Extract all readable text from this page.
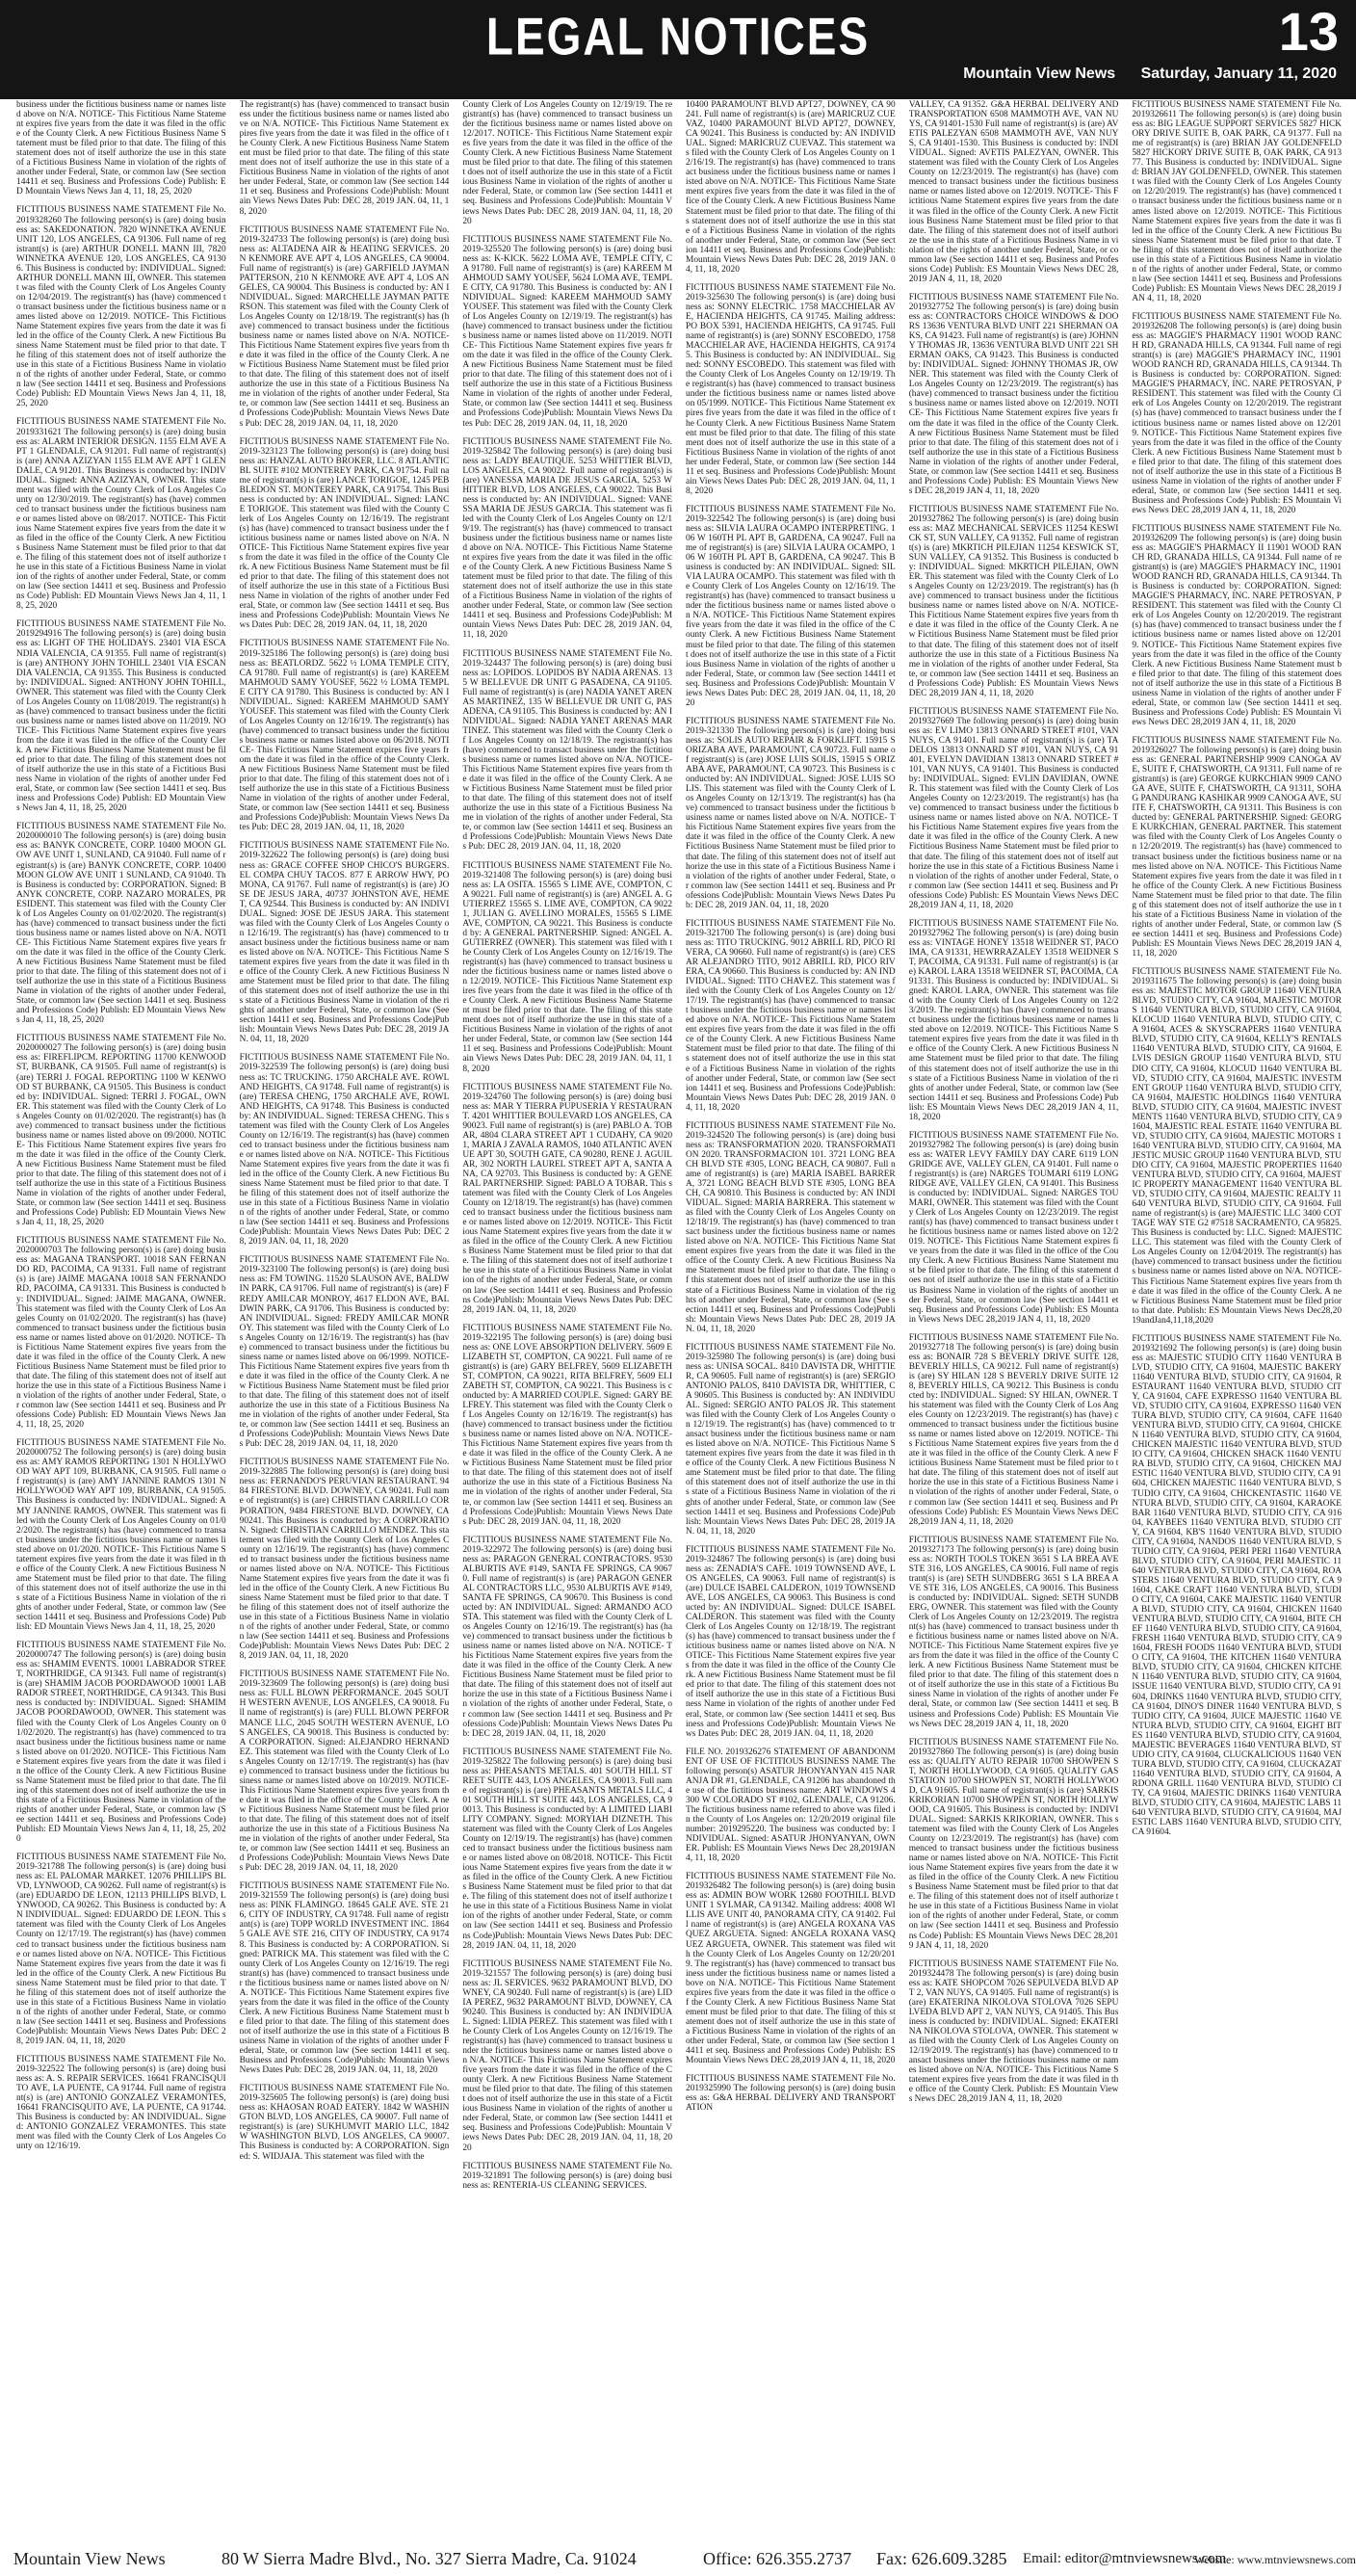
LEGAL NOTICES	13
Mountain View News Saturday, January 11, 2020

business under the fictitious business name or names listed above on N/A. NOTICE- This Fictitious Name Statement expires five years from the date it was filed in the office of the County Clerk. A new Fictitious Business Name Statement must be filed prior to that date. The filing of this statement does not of itself authorize the use in this state of a Fictitious Business Name in violation of the rights of another under Federal, State, or common law (See section 14411 et seq. Business and Professions Code) Publish: ED Mountain Views News Jan 4, 11, 18, 25, 2020

FICTITIOUS BUSINESS NAME STATEMENT File No. 2019328260 The following person(s) is (are) doing business as: SAKEDONATION. 7820 WINNETKA AVENUE UNIT 120, LOS ANGELES, CA 91306. Full name of registrant(s) is (are) ARTHUR DONELL MANN III, 7820 WINNETKA AVENUE 120, LOS ANGELES, CA 91306. This Business is conducted by: INDIVIDUAL. Signed: ARTHUR DONELL MANN III, OWNER. This statement was filed with the County Clerk of Los Angeles County on 12/04/2019. The registrant(s) has (have) commenced to transact business under the fictitious business name or names listed above on 12/2019. NOTICE- This Fictitious Name Statement expires five years from the date it was filed in the office of the County Clerk. A new Fictitious Business Name Statement must be filed prior to that date. The filing of this statement does not of itself authorize the use in this state of a Fictitious Business Name in violation of the rights of another under Federal, State, or common law (See section 14411 et seq. Business and Professions Code) Publish: ED Mountain Views News Jan 4, 11, 18, 25, 2020

FICTITIOUS BUSINESS NAME STATEMENT File No. 2019331621 The following person(s) is (are) doing business as: ALARM INTERIOR DESIGN. 1155 ELM AVE APT 1 GLENDALE, CA 91201. Full name of registrant(s) is (are) ANNA AZIZYAN 1155 ELM AVE APT 1 GLENDALE, CA 91201. This Business is conducted by: INDIVIDUAL. Signed: ANNA AZIZYAN, OWNER. This statement was filed with the County Clerk of Los Angeles County on 12/30/2019. The registrant(s) has (have) commenced to transact business under the fictitious business name or names listed above on 08/2017. NOTICE- This Fictitious Name Statement expires five years from the date it was filed in the office of the County Clerk. A new Fictitious Business Name Statement must be filed prior to that date. The filing of this statement does not of itself authorize the use in this state of a Fictitious Business Name in violation of the rights of another under Federal, State, or common law (See section 14411 et seq. Business and Professions Code) Publish: ED Mountain Views News Jan 4, 11, 18, 25, 2020

FICTITIOUS BUSINESS NAME STATEMENT File No. 2019294916 The following person(s) is (are) doing business as: LIGHT OF THE HOLIDAYS. 23401 VIA ESCANDIA VALENCIA, CA 91355. Full name of registrant(s) is (are) ANTHONY JOHN TOHILL 23401 VIA ESCANDIA VALENCIA, CA 91355. This Business is conducted by: INDIVIDUAL. Signed: ANTHONY JOHN TOHILL, OWNER. This statement was filed with the County Clerk of Los Angeles County on 11/08/2019. The registrant(s) has (have) commenced to transact business under the fictitious business name or names listed above on 11/2019. NOTICE- This Fictitious Name Statement expires five years from the date it was filed in the office of the County Clerk. A new Fictitious Business Name Statement must be filed prior to that date. The filing of this statement does not of itself authorize the use in this state of a Fictitious Business Name in violation of the rights of another under Federal, State, or common law (See section 14411 et seq. Business and Professions Code) Publish: ED Mountain Views News Jan 4, 11, 18, 25, 2020

FICTITIOUS BUSINESS NAME STATEMENT File No. 2020000010 The following person(s) is (are) doing business as: BANYK CONCRETE, CORP. 10400 MOON GLOW AVE UNIT 1, SUNLAND, CA 91040. Full name of registrant(s) is (are) BANYK CONCRETE, CORP. 10400 MOON GLOW AVE UNIT 1 SUNLAND, CA 91040. This Business is conducted by: CORPORATION. Signed: BANYK CONCRETE, CORP. NAZARO MORALES, PRESIDENT. This statement was filed with the County Clerk of Los Angeles County on 01/02/2020. The registrant(s) has (have) commenced to transact business under the fictitious business name or names listed above on N/A. NOTICE- This Fictitious Name Statement expires five years from the date it was filed in the office of the County Clerk. A new Fictitious Business Name Statement must be filed prior to that date. The filing of this statement does not of itself authorize the use in this state of a Fictitious Business Name in violation of the rights of another under Federal, State, or common law (See section 14411 et seq. Business and Professions Code) Publish: ED Mountain Views News Jan 4, 11, 18, 25, 2020

FICTITIOUS BUSINESS NAME STATEMENT File No. 2020000027 The following person(s) is (are) doing business as: FIREFLIPCM. REPORTING 11700 KENWOOD ST, BURBANK, CA 91505. Full name of registrant(s) is (are) TERRI J. FOGAL REPORTING 1100 W KENWOOD ST BURBANK, CA 91505. This Business is conducted by: INDIVIDUAL. Signed: TERRI J. FOGAL, OWNER. This statement was filed with the County Clerk of Los Angeles County on 01/02/2020. The registrant(s) has (have) commenced to transact business under the fictitious business name or names listed above on 09/2000. NOTICE- This Fictitious Name Statement expires five years from the date it was filed in the office of the County Clerk. A new Fictitious Business Name Statement must be filed prior to that date. The filing of this statement does not of itself authorize the use in this state of a Fictitious Business Name in violation of the rights of another under Federal, State, or common law (See section 14411 et seq. Business and Professions Code) Publish: ED Mountain Views News Jan 4, 11, 18, 25, 2020

FICTITIOUS BUSINESS NAME STATEMENT File No. 2020000703 The following person(s) is (are) doing business as: MAGANA TRANSPORT. 10018 SAN FERNANDO RD, PACOIMA, CA 91331. Full name of registrant(s) is (are) JAIME MAGANA 10018 SAN FERNANDO RD, PACOIMA, CA 91331. This Business is conducted by: INDIVIDUAL. Signed: JAIME MAGANA, OWNER. This statement was filed with the County Clerk of Los Angeles County on 01/02/2020. The registrant(s) has (have) commenced to transact business under the fictitious business name or names listed above on 01/2020. NOTICE- This Fictitious Name Statement expires five years from the date it was filed in the office of the County Clerk. A new Fictitious Business Name Statement must be filed prior to that date. The filing of this statement does not of itself authorize the use in this state of a Fictitious Business Name in violation of the rights of another under Federal, State, or common law (See section 14411 et seq. Business and Professions Code) Publish: ED Mountain Views News Jan 4, 11, 18, 25, 2020

FICTITIOUS BUSINESS NAME STATEMENT File No. 2020000752 The following person(s) is (are) doing business as: AMY RAMOS REPORTING 1301 N HOLLYWOOD WAY APT 109, BURBANK, CA 91505. Full name of registrant(s) is (are) AMY JANNINE RAMOS 1301 N HOLLYWOOD WAY APT 109, BURBANK, CA 91505. This Business is conducted by: INDIVIDUAL. Signed: AMY JANNINE RAMOS, OWNER. This statement was filed with the County Clerk of Los Angeles County on 01/02/2020. The registrant(s) has (have) commenced to transact business under the fictitious business name or names listed above on 01/2020. NOTICE- This Fictitious Name Statement expires five years from the date it was filed in the office of the County Clerk. A new Fictitious Business Name Statement must be filed prior to that date. The filing of this statement does not of itself authorize the use in this state of a Fictitious Business Name in violation of the rights of another under Federal, State, or common law (See section 14411 et seq. Business and Professions Code) Publish: ED Mountain Views News Jan 4, 11, 18, 25, 2020

FICTITIOUS BUSINESS NAME STATEMENT File No. 2020000747 The following person(s) is (are) doing business as: SHAMIM EVENTS. 10001 LABRADOR STREET, NORTHRIDGE, CA 91343. Full name of registrant(s) is (are) SHAMIM JACOB POORDAWOOD 10001 LABRADOR STREET, NORTHRIDGE, CA 91343. This Business is conducted by: INDIVIDUAL. Signed: SHAMIM JACOB POORDAWOOD, OWNER. This statement was filed with the County Clerk of Los Angeles County on 01/02/2020. The registrant(s) has (have) commenced to transact business under the fictitious business name or names listed above on 01/2020. NOTICE- This Fictitious Name Statement expires five years from the date it was filed in the office of the County Clerk. A new Fictitious Business Name Statement must be filed prior to that date. The filing of this statement does not of itself authorize the use in this state of a Fictitious Business Name in violation of the rights of another under Federal, State, or common law (See section 14411 et seq. Business and Professions Code) Publish: ED Mountain Views News Jan 4, 11, 18, 25, 2020

FICTITIOUS BUSINESS NAME STATEMENT File No. 2019-321788 The following person(s) is (are) doing business as: EL PALOMAR MARKET. 12076 PHILLIPS BLVD, LYNWOOD, CA 90262. Full name of registrant(s) is (are) EDUARDO DE LEON, 12113 PHILLIPS BLVD, LYNWOOD, CA 90262. This Business is conducted by: AN INDIVIDUAL. Signed: EDUARDO DE LEON. This statement was filed with the County Clerk of Los Angeles County on 12/17/19. The registrant(s) has (have) commenced to transact business under the fictitious business name or names listed above on N/A. NOTICE- This Fictitious Name Statement expires five years from the date it was filed in the office of the County Clerk. A new Fictitious Business Name Statement must be filed prior to that date. The filing of this statement does not of itself authorize the use in this state of a Fictitious Business Name in violation of the rights of another under Federal, State, or common law (See section 14411 et seq. Business and Professions Code)Publish: Mountain Views News Dates Pub: DEC 28, 2019 JAN. 04, 11, 18, 2020

FICTITIOUS BUSINESS NAME STATEMENT File No. 2019-322522 The following person(s) is (are) doing business as: A. S. REPAIR SERVICES. 16641 FRANCISQUITO AVE, LA PUENTE, CA 91744. Full name of registrant(s) is (are) ANTONIO GONZALEZ VERAMONTES, 16641 FRANCISQUITO AVE, LA PUENTE, CA 91744. This Business is conducted by: AN INDIVIDUAL. Signed: ANTONIO GONZALEZ VERAMONTES. This statement was filed with the County Clerk of Los Angeles County on 12/16/19.

The registrant(s) has (have) commenced to transact business under the fictitious business name or names listed above on N/A. NOTICE- This Fictitious Name Statement expires five years from the date it was filed in the office of the County Clerk. A new Fictitious Business Name Statement must be filed prior to that date. The filing of this statement does not of itself authorize the use in this state of a Fictitious Business Name in violation of the rights of another under Federal, State, or common law (See section 14411 et seq. Business and Professions Code)Publish: Mountain Views News Dates Pub: DEC 28, 2019 JAN. 04, 11, 18, 2020

FICTITIOUS BUSINESS NAME STATEMENT File No. 2019-324733 The following person(s) is (are) doing business as: ALTADENA AIR & HEATING SERVICES. 20 N KENMORE AVE APT 4, LOS ANGELES, CA 90004. Full name of registrant(s) is (are) GARFIELD JAYMAN PATTERSON, 210 N KENMORE AVE APT 4, LOS ANGELES, CA 90004. This Business is conducted by: AN INDIVIDUAL. Signed: MARCHELLE JAYMAN PATTERSON. This statement was filed with the County Clerk of Los Angeles County on 12/18/19. The registrant(s) has (have) commenced to transact business under the fictitious business name or names listed above on N/A. NOTICE- This Fictitious Name Statement expires five years from the date it was filed in the office of the County Clerk. A new Fictitious Business Name Statement must be filed prior to that date. The filing of this statement does not of itself authorize the use in this state of a Fictitious Business Name in violation of the rights of another under Federal, State, or common law (See section 14411 et seq. Business and Professions Code)Publish: Mountain Views News Dates Pub: DEC 28, 2019 JAN. 04, 11, 18, 2020

FICTITIOUS BUSINESS NAME STATEMENT File No. 2019-323123 The following person(s) is (are) doing business as: HANZAL AUTO BROKER, LLC. 8 ATLANTIC BL SUITE #102 MONTEREY PARK, CA 91754. Full name of registrant(s) is (are) LANCE TORIGOE, 1245 PEBBLEDON ST. MONTEREY PARK, CA 91754. This Business is conducted by: AN INDIVIDUAL. Signed: LANCE TORIGOE. This statement was filed with the County Clerk of Los Angeles County on 12/16/19. The registrant(s) has (have) commenced to transact business under the fictitious business name or names listed above on N/A. NOTICE- This Fictitious Name Statement expires five years from the date it was filed in the office of the County Clerk. A new Fictitious Business Name Statement must be filed prior to that date. The filing of this statement does not of itself authorize the use in this state of a Fictitious Business Name in violation of the rights of another under Federal, State, or common law (See section 14411 et seq. Business and Professions Code)Publish: Mountain Views News Dates Pub: DEC 28, 2019 JAN. 04, 11, 18, 2020

FICTITIOUS BUSINESS NAME STATEMENT File No. 2019-325186 The following person(s) is (are) doing business as: BEATLORDZ. 5622 ½ LOMA TEMPLE CITY, CA 91780. Full name of registrant(s) is (are) KAREEM MAHMOUD SAMY YOUSEF, 5622 ½ LOMA TEMPLE CITY CA 91780. This Business is conducted by: AN INDIVIDUAL. Signed: KAREEM MAHMOUD SAMY YOUSEF. This statement was filed with the County Clerk of Los Angeles County on 12/16/19. The registrant(s) has (have) commenced to transact business under the fictitious business name or names listed above on 06/2018. NOTICE- This Fictitious Name Statement expires five years from the date it was filed in the office of the County Clerk. A new Fictitious Business Name Statement must be filed prior to that date. The filing of this statement does not of itself authorize the use in this state of a Fictitious Business Name in violation of the rights of another under Federal, State, or common law (See section 14411 et seq. Business and Professions Code)Publish: Mountain Views News Dates Pub: DEC 28, 2019 JAN. 04, 11, 18, 2020

FICTITIOUS BUSINESS NAME STATEMENT File No. 2019-322622 The following person(s) is (are) doing business as: GRACE COFFEE SHOP CHICO'S BURGERS. EL COMPA CHUY TACOS. 877 E ARROW HWY, POMONA, CA 91767. Full name of registrant(s) is (are) JOSE DE JESUS JARA, 40737 JOHNSTON AVE, HEMET, CA 92544. This Business is conducted by: AN INDIVIDUAL. Signed: JOSE DE JESUS JARA. This statement was filed with the County Clerk of Los Angeles County on 12/16/19. The registrant(s) has (have) commenced to transact business under the fictitious business name or names listed above on N/A. NOTICE- This Fictitious Name Statement expires five years from the date it was filed in the office of the County Clerk. A new Fictitious Business Name Statement must be filed prior to that date. The filing of this statement does not of itself authorize the use in this state of a Fictitious Business Name in violation of the rights of another under Federal, State, or common law (See section 14411 et seq. Business and Professions Code)Publish: Mountain Views News Dates Pub: DEC 28, 2019 JAN. 04, 11, 18, 2020

FICTITIOUS BUSINESS NAME STATEMENT File No. 2019-322539 The following person(s) is (are) doing business as: TC TRUCKING. 1750 ARCHALE AVE. ROWLAND HEIGHTS, CA 91748. Full name of registrant(s) is (are) TERESA CHENG, 1750 ARCHALE AVE, ROWLAND HEIGHTS, CA 91748. This Business is conducted by: AN INDIVIDUAL. Signed: TERESA CHENG. This statement was filed with the County Clerk of Los Angeles County on 12/16/19. The registrant(s) has (have) commenced to transact business under the fictitious business name or names listed above on N/A. NOTICE- This Fictitious Name Statement expires five years from the date it was filed in the office of the County Clerk. A new Fictitious Business Name Statement must be filed prior to that date. The filing of this statement does not of itself authorize the use in this state of a Fictitious Business Name in violation of the rights of another under Federal, State, or common law (See section 14411 et seq. Business and Professions Code)Publish: Mountain Views News Dates Pub: DEC 28, 2019 JAN. 04, 11, 18, 2020

FICTITIOUS BUSINESS NAME STATEMENT File No. 2019-323100 The following person(s) is (are) doing business as: FM TOWING. 11520 SLAUSON AVE, BALDWIN PARK, CA 91706. Full name of registrant(s) is (are) FREDY AMILCAR MONROY, 4617 ELDON AVE, BALDWIN PARK, CA 91706. This Business is conducted by: AN INDIVIDUAL. Signed: FREDY AMILCAR MONROY. This statement was filed with the County Clerk of Los Angeles County on 12/16/19. The registrant(s) has (have) commenced to transact business under the fictitious business name or names listed above on 06/1999. NOTICE- This Fictitious Name Statement expires five years from the date it was filed in the office of the County Clerk. A new Fictitious Business Name Statement must be filed prior to that date. The filing of this statement does not of itself authorize the use in this state of a Fictitious Business Name in violation of the rights of another under Federal, State, or common law (See section 14411 et seq. Business and Professions Code)Publish: Mountain Views News Dates Pub: DEC 28, 2019 JAN. 04, 11, 18, 2020

FICTITIOUS BUSINESS NAME STATEMENT File No. 2019-322885 The following person(s) is (are) doing business as: FERNANDO'S PERUVIAN RESTAURANT. 9484 FIRESTONE BLVD. DOWNEY, CA 90241. Full name of registrant(s) is (are) CHRISTIAN CARRILLO CORPORATION, 9484 FIRESTONE BLVD. DOWNEY, CA 90241. This Business is conducted by: A CORPORATION. Signed: CHRISTIAN CARRILLO MENDEZ. This statement was filed with the County Clerk of Los Angeles County on 12/16/19. The registrant(s) has (have) commenced to transact business under the fictitious business name or names listed above on N/A. NOTICE- This Fictitious Name Statement expires five years from the date it was filed in the office of the County Clerk. A new Fictitious Business Name Statement must be filed prior to that date. The filing of this statement does not of itself authorize the use in this state of a Fictitious Business Name in violation of the rights of another under Federal, State, or common law (See section 14411 et seq. Business and Professions Code)Publish: Mountain Views News Dates Pub: DEC 28, 2019 JAN. 04, 11, 18, 2020

FICTITIOUS BUSINESS NAME STATEMENT File No. 2019-323609 The following person(s) is (are) doing business as: FULL BLOWN PERFORMANCE. 2045 SOUTH WESTERN AVENUE, LOS ANGELES, CA 90018. Full name of registrant(s) is (are) FULL BLOWN PERFORMANCE LLC, 2045 SOUTH WESTERN AVENUE, LOS ANGELES, CA 90018. This Business is conducted by: A CORPORATION. Signed: ALEJANDRO HERNANDEZ. This statement was filed with the County Clerk of Los Angeles County on 12/17/19. The registrant(s) has (have) commenced to transact business under the fictitious business name or names listed above on 10/2019. NOTICE- This Fictitious Name Statement expires five years from the date it was filed in the office of the County Clerk. A new Fictitious Business Name Statement must be filed prior to that date. The filing of this statement does not of itself authorize the use in this state of a Fictitious Business Name in violation of the rights of another under Federal, State, or common law (See section 14411 et seq. Business and Professions Code)Publish: Mountain Views News Dates Pub: DEC 28, 2019 JAN. 04, 11, 18, 2020

FICTITIOUS BUSINESS NAME STATEMENT File No. 2019-321559 The following person(s) is (are) doing business as: PINK FLAMINGO. 18645 GALE AVE. STE 216, CITY OF INDUSTRY, CA 91748. Full name of registrant(s) is (are) TOPP WORLD INVESTMENT INC. 18645 GALE AVE STE 216, CITY OF INDUSTRY, CA 91748. This Business is conducted by: A CORPORATION. Signed: PATRICK MA. This statement was filed with the County Clerk of Los Angeles County on 12/16/19. The registrant(s) has (have) commenced to transact business under the fictitious business name or names listed above on N/A. NOTICE- This Fictitious Name Statement expires five years from the date it was filed in the office of the County Clerk. A new Fictitious Business Name Statement must be filed prior to that date. The filing of this statement does not of itself authorize the use in this state of a Fictitious Business Name in violation of the rights of another under Federal, State, or common law (See section 14411 et seq. Business and Professions Code)Publish: Mountain Views News Dates Pub: DEC 28, 2019 JAN. 04, 11, 18, 2020

FICTITIOUS BUSINESS NAME STATEMENT File No. 2019-325605 The following person(s) is (are) doing business as: KHAOSAN ROAD EATERY. 1842 W WASHINGTON BLVD, LOS ANGELES, CA 90007. Full name of registrant(s) is (are) SUKHUMVIT MARIO LLC, 1842 W WASHINGTON BLVD, LOS ANGELES, CA 90007. This Business is conducted by: A CORPORATION. Signed: S. WIDJAJA. This statement was filed with the

County Clerk of Los Angeles County on 12/19/19. The registrant(s) has (have) commenced to transact business under the fictitious business name or names listed above on 12/2017. NOTICE- This Fictitious Name Statement expires five years from the date it was filed in the office of the County Clerk. A new Fictitious Business Name Statement must be filed prior to that date. The filing of this statement does not of itself authorize the use in this state of a Fictitious Business Name in violation of the rights of another under Federal, State, or common law (See section 14411 et seq. Business and Professions Code)Publish: Mountain Views News Dates Pub: DEC 28, 2019 JAN. 04, 11, 18, 2020

FICTITIOUS BUSINESS NAME STATEMENT File No. 2019-325520 The following person(s) is (are) doing business as: K-KICK. 5622 LOMA AVE, TEMPLE CITY, CA 91780. Full name of registrant(s) is (are) KAREEM MAHMOUD SAMY YOUSEF, 5624 LOMA AVE, TEMPLE CITY, CA 91780. This Business is conducted by: AN INDIVIDUAL. Signed: KAREEM MAHMOUD SAMY YOUSEF. This statement was filed with the County Clerk of Los Angeles County on 12/19/19. The registrant(s) has (have) commenced to transact business under the fictitious business name or names listed above on 11/2019. NOTICE- This Fictitious Name Statement expires five years from the date it was filed in the office of the County Clerk. A new Fictitious Business Name Statement must be filed prior to that date. The filing of this statement does not of itself authorize the use in this state of a Fictitious Business Name in violation of the rights of another under Federal, State, or common law (See section 14411 et seq. Business and Professions Code)Publish: Mountain Views News Dates Pub: DEC 28, 2019 JAN. 04, 11, 18, 2020

FICTITIOUS BUSINESS NAME STATEMENT File No. 2019-325842 The following person(s) is (are) doing business as: LADY BEAUTIQUE. 5253 WHITTIER BLVD, LOS ANGELES, CA 90022. Full name of registrant(s) is (are) VANESSA MARIA DE JESUS GARCIA, 5253 WHITTIER BLVD, LOS ANGELES, CA 90022. This Business is conducted by: AN INDIVIDUAL. Signed: VANESSA MARIA DE JESUS GARCIA. This statement was filed with the County Clerk of Los Angeles County on 12/19/19. The registrant(s) has (have) commenced to transact business under the fictitious business name or names listed above on N/A. NOTICE- This Fictitious Name Statement expires five years from the date it was filed in the office of the County Clerk. A new Fictitious Business Name Statement must be filed prior to that date. The filing of this statement does not of itself authorize the use in this state of a Fictitious Business Name in violation of the rights of another under Federal, State, or common law (See section 14411 et seq. Business and Professions Code)Publish: Mountain Views News Dates Pub: DEC 28, 2019 JAN. 04, 11, 18, 2020

FICTITIOUS BUSINESS NAME STATEMENT File No. 2019-324437 The following person(s) is (are) doing business as: LOPIDOS. LOPIDOS BY NADIA ARENAS. 135 W BELLEVUE DR UNIT G PASADENA, CA 91105. Full name of registrant(s) is (are) NADIA YANET ARENAS MARTINEZ, 135 W BELLEVUE DR UNIT G, PASADENA, CA 91105. This Business is conducted by: AN INDIVIDUAL. Signed: NADIA YANET ARENAS MARTINEZ. This statement was filed with the County Clerk of Los Angeles County on 12/18/19. The registrant(s) has (have) commenced to transact business under the fictitious business name or names listed above on N/A. NOTICE- This Fictitious Name Statement expires five years from the date it was filed in the office of the County Clerk. A new Fictitious Business Name Statement must be filed prior to that date. The filing of this statement does not of itself authorize the use in this state of a Fictitious Business Name in violation of the rights of another under Federal, State, or common law (See section 14411 et seq. Business and Professions Code)Publish: Mountain Views News Dates Pub: DEC 28, 2019 JAN. 04, 11, 18, 2020

FICTITIOUS BUSINESS NAME STATEMENT File No. 2019-321408 The following person(s) is (are) doing business as: LA OSITA. 15565 S LIME AVE, COMPTON, CA 90221. Full name of registrant(s) is (are) ANGEL A. GUTIERREZ 15565 S. LIME AVE, COMPTON, CA 90221, JULIAN G. AVELLINO MORALES, 15565 S LIME AVE, COMPTON, CA 90221. This Business is conducted by: A GENERAL PARTNERSHIP. Signed: ANGEL A. GUTIERREZ (OWNER). This statement was filed with the County Clerk of Los Angeles County on 12/16/19. The registrant(s) has (have) commenced to transact business under the fictitious business name or names listed above on 12/2019. NOTICE- This Fictitious Name Statement expires five years from the date it was filed in the office of the County Clerk. A new Fictitious Business Name Statement must be filed prior to that date. The filing of this statement does not of itself authorize the use in this state of a Fictitious Business Name in violation of the rights of another under Federal, State, or common law (See section 14411 et seq. Business and Professions Code)Publish: Mountain Views News Dates Pub: DEC 28, 2019 JAN. 04, 11, 18, 2020

FICTITIOUS BUSINESS NAME STATEMENT File No. 2019-324760 The following person(s) is (are) doing business as: MAR Y TIERRA PUPUSERIA Y RESTAURANT. 4201 WHITTIER BOULEVARD LOS ANGELES, CA 90023. Full name of registrant(s) is (are) PABLO A. TOBAR, 4804 CLARA STREET APT 1 CUDAHY, CA 90201, MARIA J ZAVALA RAMOS, 1040 ATLANTIC AVENUE APT 30, SOUTH GATE, CA 90280, RENE J. AGUILAR, 302 NORTH LAUREL STREET APT A, SANTA ANA, CA 92703. This Business is conducted by: A GENERAL PARTNERSHIP. Signed: PABLO A TOBAR. This statement was filed with the County Clerk of Los Angeles County on 12/18/19. The registrant(s) has (have) commenced to transact business under the fictitious business name or names listed above on 12/2019. NOTICE- This Fictitious Name Statement expires five years from the date it was filed in the office of the County Clerk. A new Fictitious Business Name Statement must be filed prior to that date. The filing of this statement does not of itself authorize the use in this state of a Fictitious Business Name in violation of the rights of another under Federal, State, or common law (See section 14411 et seq. Business and Professions Code)Publish: Mountain Views News Dates Pub: DEC 28, 2019 JAN. 04, 11, 18, 2020

FICTITIOUS BUSINESS NAME STATEMENT File No. 2019-322195 The following person(s) is (are) doing business as: ONE LOVE ABSORPTION DELIVERY. 5609 ELIZABETH ST, COMPTON, CA 90221. Full name of registrant(s) is (are) GARY BELFREY, 5609 ELIZABETH ST, COMPTON, CA 90221, RITA BELFREY, 5609 ELIZABETH ST, COMPTON, CA 90221. This Business is conducted by: A MARRIED COUPLE. Signed: GARY BELFREY. This statement was filed with the County Clerk of Los Angeles County on 12/16/19. The registrant(s) has (have) commenced to transact business under the fictitious business name or names listed above on N/A. NOTICE- This Fictitious Name Statement expires five years from the date it was filed in the office of the County Clerk. A new Fictitious Business Name Statement must be filed prior to that date. The filing of this statement does not of itself authorize the use in this state of a Fictitious Business Name in violation of the rights of another under Federal, State, or common law (See section 14411 et seq. Business and Professions Code)Publish: Mountain Views News Dates Pub: DEC 28, 2019 JAN. 04, 11, 18, 2020

FICTITIOUS BUSINESS NAME STATEMENT File No. 2019-322972 The following person(s) is (are) doing business as: PARAGON GENERAL CONTRACTORS. 9530 ALBURTIS AVE #149, SANTA FE SPRINGS, CA 90670. Full name of registrant(s) is (are) PARAGON GENERAL CONTRACTORS LLC, 9530 ALBURTIS AVE #149, SANTA FE SPRINGS, CA 90670. This Business is conducted by: AN INDIVIDUAL. Signed: ARMANDO ACOSTA. This statement was filed with the County Clerk of Los Angeles County on 12/16/19. The registrant(s) has (have) commenced to transact business under the fictitious business name or names listed above on N/A. NOTICE- This Fictitious Name Statement expires five years from the date it was filed in the office of the County Clerk. A new Fictitious Business Name Statement must be filed prior to that date. The filing of this statement does not of itself authorize the use in this state of a Fictitious Business Name in violation of the rights of another under Federal, State, or common law (See section 14411 et seq. Business and Professions Code)Publish: Mountain Views News Dates Pub: DEC 28, 2019 JAN. 04, 11, 18, 2020

FICTITIOUS BUSINESS NAME STATEMENT File No. 2019-325822 The following person(s) is (are) doing business as: PHEASANTS METALS. 401 SOUTH HILL STREET SUITE 443, LOS ANGELES, CA 90013. Full name of registrant(s) is (are) PHEASANTS METALS LLC, 401 SOUTH HILL ST SUITE 443, LOS ANGELES, CA 90013. This Business is conducted by: A LIMITED LIABILITY COMPANY. Signed: MORYIAH DIZNETH. This statement was filed with the County Clerk of Los Angeles County on 12/19/19. The registrant(s) has (have) commenced to transact business under the fictitious business name or names listed above on 08/2018. NOTICE- This Fictitious Name Statement expires five years from the date it was filed in the office of the County Clerk. A new Fictitious Business Name Statement must be filed prior to that date. The filing of this statement does not of itself authorize the use in this state of a Fictitious Business Name in violation of the rights of another under Federal, State, or common law (See section 14411 et seq. Business and Professions Code)Publish: Mountain Views News Dates Pub: DEC 28, 2019 JAN. 04, 11, 18, 2020

FICTITIOUS BUSINESS NAME STATEMENT File No. 2019-321557 The following person(s) is (are) doing business as: JL SERVICES. 9632 PARAMOUNT BLVD, DOWNEY, CA 90240. Full name of registrant(s) is (are) LIDIA PEREZ, 9632 PARAMOUNT BLVD, DOWNEY, CA 90240. This Business is conducted by: AN INDIVIDUAL. Signed: LIDIA PEREZ. This statement was filed with the County Clerk of Los Angeles County on 12/16/19. The registrant(s) has (have) commenced to transact business under the fictitious business name or names listed above on N/A. NOTICE- This Fictitious Name Statement expires five years from the date it was filed in the office of the County Clerk. A new Fictitious Business Name Statement must be filed prior to that date. The filing of this statement does not of itself authorize the use in this state of a Fictitious Business Name in violation of the rights of another under Federal, State, or common law (See section 14411 et seq. Business and Professions Code)Publish: Mountain Views News Dates Pub: DEC 28, 2019 JAN. 04, 11, 18, 2020

FICTITIOUS BUSINESS NAME STATEMENT File No. 2019-321891 The following person(s) is (are) doing business as: RENTERIA-US CLEANING SERVICES.

10400 PARAMOUNT BLVD APT27, DOWNEY, CA 90241. Full name of registrant(s) is (are) MARICRUZ CUEVAZ, 10400 PARAMOUNT BLVD APT27, DOWNEY, CA 90241. This Business is conducted by: AN INDIVIDUAL. Signed: MARICRUZ CUEVAZ. This statement was filed with the County Clerk of Los Angeles County on 12/16/19. The registrant(s) has (have) commenced to transact business under the fictitious business name or names listed above on N/A. NOTICE- This Fictitious Name Statement expires five years from the date it was filed in the office of the County Clerk. A new Fictitious Business Name Statement must be filed prior to that date. The filing of this statement does not of itself authorize the use in this state of a Fictitious Business Name in violation of the rights of another under Federal, State, or common law (See section 14411 et seq. Business and Professions Code)Publish: Mountain Views News Dates Pub: DEC 28, 2019 JAN. 04, 11, 18, 2020

FICTITIOUS BUSINESS NAME STATEMENT File No. 2019-325630 The following person(s) is (are) doing business as: SONNY ELECTRIC. 1758 MACCHIELAR AVE, HACIENDA HEIGHTS, CA 91745. Mailing address: PO BOX 5391, HACIENDA HEIGHTS, CA 91745. Full name of registrant(s) is (are) SONNY ESCOBEDO, 1758 MACCHIELAR AVE, HACIENDA HEIGHTS, CA 91745. This Business is conducted by: AN INDIVIDUAL. Signed: SONNY ESCOBEDO. This statement was filed with the County Clerk of Los Angeles County on 12/19/19. The registrant(s) has (have) commenced to transact business under the fictitious business name or names listed above on 05/1999. NOTICE- This Fictitious Name Statement expires five years from the date it was filed in the office of the County Clerk. A new Fictitious Business Name Statement must be filed prior to that date. The filing of this statement does not of itself authorize the use in this state of a Fictitious Business Name in violation of the rights of another under Federal, State, or common law (See section 14411 et seq. Business and Professions Code)Publish: Mountain Views News Dates Pub: DEC 28, 2019 JAN. 04, 11, 18, 2020

FICTITIOUS BUSINESS NAME STATEMENT File No. 2019-322542 The following person(s) is (are) doing business as: SILVIA LAURA OCAMPO INTERPRETING. 106 W 160TH PL APT B, GARDENA, CA 90247. Full name of registrant(s) is (are) SILVIA LAURA OCAMPO, 106 W 160TH PL APT B, GARDENA, CA 90247. This Business is conducted by: AN INDIVIDUAL. Signed: SILVIA LAURA OCAMPO. This statement was filed with the County Clerk of Los Angeles County on 12/16/19. The registrant(s) has (have) commenced to transact business under the fictitious business name or names listed above on N/A. NOTICE- This Fictitious Name Statement expires five years from the date it was filed in the office of the County Clerk. A new Fictitious Business Name Statement must be filed prior to that date. The filing of this statement does not of itself authorize the use in this state of a Fictitious Business Name in violation of the rights of another under Federal, State, or common law (See section 14411 et seq. Business and Professions Code)Publish: Mountain Views News Dates Pub: DEC 28, 2019 JAN. 04, 11, 18, 2020

FICTITIOUS BUSINESS NAME STATEMENT File No. 2019-321330 The following person(s) is (are) doing business as: SOLIS AUTO REPAIR & FORKLIFT. 15915 S ORIZABA AVE, PARAMOUNT, CA 90723. Full name of registrant(s) is (are) JOSE LUIS SOLIS, 15915 S ORIZABA AVE, PARAMOUNT, CA 90723. This Business is conducted by: AN INDIVIDUAL. Signed: JOSE LUIS SOLIS. This statement was filed with the County Clerk of Los Angeles County on 12/13/19. The registrant(s) has (have) commenced to transact business under the fictitious business name or names listed above on N/A. NOTICE- This Fictitious Name Statement expires five years from the date it was filed in the office of the County Clerk. A new Fictitious Business Name Statement must be filed prior to that date. The filing of this statement does not of itself authorize the use in this state of a Fictitious Business Name in violation of the rights of another under Federal, State, or common law (See section 14411 et seq. Business and Professions Code)Publish: Mountain Views News Dates Pub: DEC 28, 2019 JAN. 04, 11, 18, 2020

FICTITIOUS BUSINESS NAME STATEMENT File No. 2019-321700 The following person(s) is (are) doing business as: TITO TRUCKING. 9012 ABRILL RD, PICO RIVERA, CA 90660. Full name of registrant(s) is (are) CESAR ALEJANDRO TITO, 9012 ABRILL RD, PICO RIVERA, CA 90660. This Business is conducted by: AN INDIVIDUAL. Signed: TITO CHAVEZ. This statement was filed with the County Clerk of Los Angeles County on 12/17/19. The registrant(s) has (have) commenced to transact business under the fictitious business name or names listed above on N/A. NOTICE- This Fictitious Name Statement expires five years from the date it was filed in the office of the County Clerk. A new Fictitious Business Name Statement must be filed prior to that date. The filing of this statement does not of itself authorize the use in this state of a Fictitious Business Name in violation of the rights of another under Federal, State, or common law (See section 14411 et seq. Business and Professions Code)Publish: Mountain Views News Dates Pub: DEC 28, 2019 JAN. 04, 11, 18, 2020

FICTITIOUS BUSINESS NAME STATEMENT File No. 2019-324520 The following person(s) is (are) doing business as: TRANSFORMATION 2020. TRANSFORMATION 2020. TRANSFORMACION 101. 3721 LONG BEACH BLVD STE #305, LONG BEACH, CA 90807. Full name of registrant(s) is (are) MARIA ISABEL BARRERA, 3721 LONG BEACH BLVD STE #305, LONG BEACH, CA 90810. This Business is conducted by: AN INDIVIDUAL. Signed: MARIA BARRERA. This statement was filed with the County Clerk of Los Angeles County on 12/18/19. The registrant(s) has (have) commenced to transact business under the fictitious business name or names listed above on N/A. NOTICE- This Fictitious Name Statement expires five years from the date it was filed in the office of the County Clerk. A new Fictitious Business Name Statement must be filed prior to that date. The filing of this statement does not of itself authorize the use in this state of a Fictitious Business Name in violation of the rights of another under Federal, State, or common law (See section 14411 et seq. Business and Professions Code)Publish: Mountain Views News Dates Pub: DEC 28, 2019 JAN. 04, 11, 18, 2020

FICTITIOUS BUSINESS NAME STATEMENT File No. 2019-325980 The following person(s) is (are) doing business as: UNISA SOCAL. 8410 DAVISTA DR, WHITTIER, CA 90605. Full name of registrant(s) is (are) SERGIO ANTONIO PALOS, 8410 DAVISTA DR, WHITTIER, CA 90605. This Business is conducted by: AN INDIVIDUAL. Signed: SERGIO ANTO PALOS JR. This statement was filed with the County Clerk of Los Angeles County on 12/19/19. The registrant(s) has (have) commenced to transact business under the fictitious business name or names listed above on N/A. NOTICE- This Fictitious Name Statement expires five years from the date it was filed in the office of the County Clerk. A new Fictitious Business Name Statement must be filed prior to that date. The filing of this statement does not of itself authorize the use in this state of a Fictitious Business Name in violation of the rights of another under Federal, State, or common law (See section 14411 et seq. Business and Professions Code)Publish: Mountain Views News Dates Pub: DEC 28, 2019 JAN. 04, 11, 18, 2020

FICTITIOUS BUSINESS NAME STATEMENT File No. 2019-324867 The following person(s) is (are) doing business as: ZENADIA'S CAFE. 1019 TOWNSEND AVE, LOS ANGELES, CA 90063. Full name of registrant(s) is (are) DULCE ISABEL CALDERON, 1019 TOWNSEND AVE, LOS ANGELES, CA 90063. This Business is conducted by: AN INDIVIDUAL. Signed: DULCE ISABEL CALDERON. This statement was filed with the County Clerk of Los Angeles County on 12/18/19. The registrant(s) has (have) commenced to transact business under the fictitious business name or names listed above on N/A. NOTICE- This Fictitious Name Statement expires five years from the date it was filed in the office of the County Clerk. A new Fictitious Business Name Statement must be filed prior to that date. The filing of this statement does not of itself authorize the use in this state of a Fictitious Business Name in violation of the rights of another under Federal, State, or common law (See section 14411 et seq. Business and Professions Code)Publish: Mountain Views News Dates Pub: DEC 28, 2019 JAN. 04, 11, 18, 2020

FILE NO. 2019326276 STATEMENT OF ABANDONMENT OF USE OF FICTITIOUS BUSINESS NAME The following person(s) ASATUR JHONYANYAN 415 NARANJA DR #1, GLENDALE, CA 91206 has abandoned the use of the fictitious business name: ART WINDOWS 4300 W COLORADO ST #102, GLENDALE, CA 91206. The fictitious business name referred to above was filed in the County of Los Angeles on: 12/20/2019 original file number: 2019295220. The business was conducted by: INDIVIDUAL. Signed: ASATUR JHONYANYAN, OWNER. Publish: ES Mountain Views News Dec 28,2019JAN 4, 11, 18, 2020

FICTITIOUS BUSINESS NAME STATEMENT File No. 2019326482 The following person(s) is (are) doing business as: ADMIN BOW WORK 12680 FOOTHILL BLVD UNIT 1 SYLMAR, CA 91342. Mailing address: 4008 WILLIS AVE UNIT 40, PANORAMA CITY, CA 91402. Full name of registrant(s) is (are) ANGELA ROXANA VASQUEZ ARGUETA. Signed: ANGELA ROXANA VASQUEZ ARGUETA, OWNER. This statement was filed with the County Clerk of Los Angeles County on 12/20/2019. The registrant(s) has (have) commenced to transact business under the fictitious business name or names listed above on N/A. NOTICE- This Fictitious Name Statement expires five years from the date it was filed in the office of the County Clerk. A new Fictitious Business Name Statement must be filed prior to that date. The filing of this statement does not of itself authorize the use in this state of a Fictitious Business Name in violation of the rights of another under Federal, State, or common law (See section 14411 et seq. Business and Professions Code) Publish: ES Mountain Views News DEC 28,2019 JAN 4, 11, 18, 2020

FICTITIOUS BUSINESS NAME STATEMENT File No. 2019325990 The following person(s) is (are) doing business as: G&A HERBAL DELIVERY AND TRANSPORTATION

VALLEY, CA 91352. G&A HERBAL DELIVERY AND TRANSPORTATION 6508 MAMMOTH AVE, VAN NUYS, CA 91401-1530 Full name of registrant(s) is (are) AVETIS PALEZYAN 6508 MAMMOTH AVE, VAN NUYS, CA 91401-1530. This Business is conducted by: INDIVIDUAL. Signed: AVETIS PALEZYAN, OWNER. This statement was filed with the County Clerk of Los Angeles County on 12/23/2019. The registrant(s) has (have) commenced to transact business under the fictitious business name or names listed above on 12/2019. NOTICE- This Fictitious Name Statement expires five years from the date it was filed in the office of the County Clerk. A new Fictitious Business Name Statement must be filed prior to that date. The filing of this statement does not of itself authorize the use in this state of a Fictitious Business Name in violation of the rights of another under Federal, State, or common law (See section 14411 et seq. Business and Professions Code) Publish: ES Mountain Views News DEC 28,2019 JAN 4, 11, 18, 2020

FICTITIOUS BUSINESS NAME STATEMENT File No. 2019327752 The following person(s) is (are) doing business as: CONTRACTORS CHOICE WINDOWS & DOORS 13636 VENTURA BLVD UNIT 221 SHERMAN OAKS, CA 91423. Full name of registrant(s) is (are) JOHNNY THOMAS JR, 13636 VENTURA BLVD UNIT 221 SHERMAN OAKS, CA 91423. This Business is conducted by: INDIVIDUAL. Signed: JOHNNY THOMAS JR, OWNER. This statement was filed with the County Clerk of Los Angeles County on 12/23/2019. The registrant(s) has (have) commenced to transact business under the fictitious business name or names listed above on 12/2019. NOTICE- This Fictitious Name Statement expires five years from the date it was filed in the office of the County Clerk. A new Fictitious Business Name Statement must be filed prior to that date. The filing of this statement does not of itself authorize the use in this state of a Fictitious Business Name in violation of the rights of another under Federal, State, or common law (See section 14411 et seq. Business and Professions Code) Publish: ES Mountain Views News DEC 28,2019 JAN 4, 11, 18, 2020

FICTITIOUS BUSINESS NAME STATEMENT File No. 2019327862 The following person(s) is (are) doing business as: MAZ MECHANICAL SERVICES 11254 KESWICK ST, SUN VALLEY, CA 91352. Full name of registrant(s) is (are) MKRTICH PILEJIAN 11254 KESWICK ST, SUN VALLEY, CA 91352. This Business is conducted by: INDIVIDUAL. Signed: MKRTICH PILEJIAN, OWNER. This statement was filed with the County Clerk of Los Angeles County on 12/23/2019. The registrant(s) has (have) commenced to transact business under the fictitious business name or names listed above on N/A. NOTICE- This Fictitious Name Statement expires five years from the date it was filed in the office of the County Clerk. A new Fictitious Business Name Statement must be filed prior to that date. The filing of this statement does not of itself authorize the use in this state of a Fictitious Business Name in violation of the rights of another under Federal, State, or common law (See section 14411 et seq. Business and Professions Code) Publish: ES Mountain Views News DEC 28,2019 JAN 4, 11, 18, 2020

FICTITIOUS BUSINESS NAME STATEMENT File No. 2019327669 The following person(s) is (are) doing business as: EV LIMO 13813 ONNARD STREET #101, VAN NUYS, CA 91401. Full name of registrant(s) is (are) TADELOS 13813 ONNARD ST #101, VAN NUYS, CA 91401, EVELYN DAVIDIAN 13813 ONNARD STREET #101, VAN NUYS, CA 91401. This Business is conducted by: INDIVIDUAL. Signed: EVLIN DAVIDIAN, OWNER. This statement was filed with the County Clerk of Los Angeles County on 12/23/2019. The registrant(s) has (have) commenced to transact business under the fictitious business name or names listed above on N/A. NOTICE- This Fictitious Name Statement expires five years from the date it was filed in the office of the County Clerk. A new Fictitious Business Name Statement must be filed prior to that date. The filing of this statement does not of itself authorize the use in this state of a Fictitious Business Name in violation of the rights of another under Federal, State, or common law (See section 14411 et seq. Business and Professions Code) Publish: ES Mountain Views News DEC 28,2019 JAN 4, 11, 18, 2020

FICTITIOUS BUSINESS NAME STATEMENT File No. 2019327962 The following person(s) is (are) doing business as: VINTAGE HONEY 13518 WEIDNER ST, PACOIMA, CA 91331, HEWRRAZALEY 13518 WEIDNER ST, PACOIMA, CA 91331. Full name of registrant(s) is (are) KAROL LARA 13518 WEIDNER ST, PACOIMA, CA 91331. This Business is conducted by: INDIVIDUAL. Signed: KAROL LARA, OWNER. This statement was filed with the County Clerk of Los Angeles County on 12/23/2019. The registrant(s) has (have) commenced to transact business under the fictitious business name or names listed above on 12/2019. NOTICE- This Fictitious Name Statement expires five years from the date it was filed in the office of the County Clerk. A new Fictitious Business Name Statement must be filed prior to that date. The filing of this statement does not of itself authorize the use in this state of a Fictitious Business Name in violation of the rights of another under Federal, State, or common law (See section 14411 et seq. Business and Professions Code) Publish: ES Mountain Views News DEC 28,2019 JAN 4, 11, 18, 2020

FICTITIOUS BUSINESS NAME STATEMENT File No. 2019327982 The following person(s) is (are) doing business as: WATER LEVY FAMILY DAY CARE 6119 LONGRIDGE AVE, VALLEY GLEN, CA 91401. Full name of registrant(s) is (are) NARGES TOUMARI 6119 LONGRIDGE AVE, VALLEY GLEN, CA 91401. This Business is conducted by: INDIVIDUAL. Signed: NARGES TOUMARI, OWNER. This statement was filed with the County Clerk of Los Angeles County on 12/23/2019. The registrant(s) has (have) commenced to transact business under the fictitious business name or names listed above on 12/2019. NOTICE- This Fictitious Name Statement expires five years from the date it was filed in the office of the County Clerk. A new Fictitious Business Name Statement must be filed prior to that date. The filing of this statement does not of itself authorize the use in this state of a Fictitious Business Name in violation of the rights of another under Federal, State, or common law (See section 14411 et seq. Business and Professions Code) Publish: ES Mountain Views News DEC 28,2019 JAN 4, 11, 18, 2020

FICTITIOUS BUSINESS NAME STATEMENT File No. 2019327718 The following person(s) is (are) doing business as: BONAIR 728 S BEVERLY DRIVE SUITE 128, BEVERLY HILLS, CA 90212. Full name of registrant(s) is (are) SY HILAN 128 S BEVERLY DRIVE SUITE 128, BEVERLY HILLS, CA 90212. This Business is conducted by: INDIVIDUAL. Signed: SY HILAN, OWNER. This statement was filed with the County Clerk of Los Angeles County on 12/23/2019. The registrant(s) has (have) commenced to transact business under the fictitious business name or names listed above on 12/2019. NOTICE- This Fictitious Name Statement expires five years from the date it was filed in the office of the County Clerk. A new Fictitious Business Name Statement must be filed prior to that date. The filing of this statement does not of itself authorize the use in this state of a Fictitious Business Name in violation of the rights of another under Federal, State, or common law (See section 14411 et seq. Business and Professions Code) Publish: ES Mountain Views News DEC 28,2019 JAN 4, 11, 18, 2020

FICTITIOUS BUSINESS NAME STATEMENT File No. 2019327173 The following person(s) is (are) doing business as: NORTH TOOLS TOKEN 3651 S LA BREA AVE STE 316, LOS ANGELES, CA 90016. Full name of registrant(s) is (are) SETH SUNDBERG 3651 S LA BREA AVE STE 316, LOS ANGELES, CA 90016. This Business is conducted by: INDIVIDUAL. Signed: SETH SUNDBERG, OWNER. This statement was filed with the County Clerk of Los Angeles County on 12/23/2019. The registrant(s) has (have) commenced to transact business under the fictitious business name or names listed above on N/A. NOTICE- This Fictitious Name Statement expires five years from the date it was filed in the office of the County Clerk. A new Fictitious Business Name Statement must be filed prior to that date. The filing of this statement does not of itself authorize the use in this state of a Fictitious Business Name in violation of the rights of another under Federal, State, or common law (See section 14411 et seq. Business and Professions Code) Publish: ES Mountain Views News DEC 28,2019 JAN 4, 11, 18, 2020

FICTITIOUS BUSINESS NAME STATEMENT File No. 2019327860 The following person(s) is (are) doing business as: QUALITY AUTO REPAIR 10700 SHOWPEN ST, NORTH HOLLYWOOD, CA 91605. QUALITY GAS STATION 10700 SHOWPEN ST, NORTH HOLLYWOOD, CA 91605. Full name of registrant(s) is (are) SARKIS KRIKORIAN 10700 SHOWPEN ST, NORTH HOLLYWOOD, CA 91605. This Business is conducted by: INDIVIDUAL. Signed: SARKIS KRIKORIAN, OWNER. This statement was filed with the County Clerk of Los Angeles County on 12/23/2019. The registrant(s) has (have) commenced to transact business under the fictitious business name or names listed above on N/A. NOTICE- This Fictitious Name Statement expires five years from the date it was filed in the office of the County Clerk. A new Fictitious Business Name Statement must be filed prior to that date. The filing of this statement does not of itself authorize the use in this state of a Fictitious Business Name in violation of the rights of another under Federal, State, or common law (See section 14411 et seq. Business and Professions Code) Publish: ES Mountain Views News DEC 28,2019 JAN 4, 11, 18, 2020

FICTITIOUS BUSINESS NAME STATEMENT File No. 2019324478 The following person(s) is (are) doing business as: KATE SHOPCOM 7026 SEPULVEDA BLVD APT 2, VAN NUYS, CA 91405. Full name of registrant(s) is (are) EKATERINA NIKOLOVA STOLOVA 7026 SEPULVEDA BLVD APT 2, VAN NUYS, CA 91405. This Business is conducted by: INDIVIDUAL. Signed: EKATERINA NIKOLOVA STOLOVA, OWNER. This statement was filed with the County Clerk of Los Angeles County on 12/19/2019. The registrant(s) has (have) commenced to transact business under the fictitious business name or names listed above on N/A. NOTICE- This Fictitious Name Statement expires five years from the date it was filed in the office of the County Clerk. Publish: ES Mountain Views News DEC 28,2019 JAN 4, 11, 18, 2020

FICTITIOUS BUSINESS NAME STATEMENT File No. 2019326611 The following person(s) is (are) doing business as: BIG LEAGUE SUPPORT SERVICES 5827 HICKORY DRIVE SUITE B, OAK PARK, CA 91377. Full name of registrant(s) is (are) BRIAN JAY GOLDENFELD 5827 HICKORY DRIVE SUITE B, OAK PARK, CA 91377. This Business is conducted by: INDIVIDUAL. Signed: BRIAN JAY GOLDENFELD, OWNER. This statement was filed with the County Clerk of Los Angeles County on 12/20/2019. The registrant(s) has (have) commenced to transact business under the fictitious business name or names listed above on 12/2019. NOTICE- This Fictitious Name Statement expires five years from the date it was filed in the office of the County Clerk. A new Fictitious Business Name Statement must be filed prior to that date. The filing of this statement does not of itself authorize the use in this state of a Fictitious Business Name in violation of the rights of another under Federal, State, or common law (See section 14411 et seq. Business and Professions Code) Publish: ES Mountain Views News DEC 28,2019 JAN 4, 11, 18, 2020

FICTITIOUS BUSINESS NAME STATEMENT File No. 2019326208 The following person(s) is (are) doing business as: MAGGIE'S PHARMACY 11901 WOOD RANCH RD, GRANADA HILLS, CA 91344. Full name of registrant(s) is (are) MAGGIE'S PHARMACY INC, 11901 WOOD RANCH RD, GRANADA HILLS, CA 91344. This Business is conducted by: CORPORATION. Signed: MAGGIE'S PHARMACY, INC. NARE PETROSYAN, PRESIDENT. This statement was filed with the County Clerk of Los Angeles County on 12/20/2019. The registrant(s) has (have) commenced to transact business under the fictitious business name or names listed above on 12/2019. NOTICE- This Fictitious Name Statement expires five years from the date it was filed in the office of the County Clerk. A new Fictitious Business Name Statement must be filed prior to that date. The filing of this statement does not of itself authorize the use in this state of a Fictitious Business Name in violation of the rights of another under Federal, State, or common law (See section 14411 et seq. Business and Professions Code) Publish: ES Mountain Views News DEC 28,2019 JAN 4, 11, 18, 2020

FICTITIOUS BUSINESS NAME STATEMENT File No. 2019326209 The following person(s) is (are) doing business as: MAGGIE'S PHARMACY II 11901 WOOD RANCH RD, GRANADA HILLS, CA 91344. Full name of registrant(s) is (are) MAGGIE'S PHARMACY INC, 11901 WOOD RANCH RD, GRANADA HILLS, CA 91344. This Business is conducted by: CORPORATION. Signed: MAGGIE'S PHARMACY, INC. NARE PETROSYAN, PRESIDENT. This statement was filed with the County Clerk of Los Angeles County on 12/20/2019. The registrant(s) has (have) commenced to transact business under the fictitious business name or names listed above on 12/2019. NOTICE- This Fictitious Name Statement expires five years from the date it was filed in the office of the County Clerk. A new Fictitious Business Name Statement must be filed prior to that date. The filing of this statement does not of itself authorize the use in this state of a Fictitious Business Name in violation of the rights of another under Federal, State, or common law (See section 14411 et seq. Business and Professions Code) Publish: ES Mountain Views News DEC 28,2019 JAN 4, 11, 18, 2020

FICTITIOUS BUSINESS NAME STATEMENT File No. 2019326027 The following person(s) is (are) doing business as: GENERAL PARTNERSHIP 9909 CANOGA AVE, SUITE F, CHATSWORTH, CA 91311. Full name of registrant(s) is (are) GEORGE KURKCHIAN 9909 CANOGA AVE, SUITE F, CHATSWORTH, CA 91311, SOHAG PANDURANG KASHIKAR 9909 CANOGA AVE, SUITE F, CHATSWORTH, CA 91311. This Business is conducted by: GENERAL PARTNERSHIP. Signed: GEORGE KURKCHIAN, GENERAL PARTNER. This statement was filed with the County Clerk of Los Angeles County on 12/20/2019. The registrant(s) has (have) commenced to transact business under the fictitious business name or names listed above on N/A. NOTICE- This Fictitious Name Statement expires five years from the date it was filed in the office of the County Clerk. A new Fictitious Business Name Statement must be filed prior to that date. The filing of this statement does not of itself authorize the use in this state of a Fictitious Business Name in violation of the rights of another under Federal, State, or common law (See section 14411 et seq. Business and Professions Code) Publish: ES Mountain Views News DEC 28,2019 JAN 4, 11, 18, 2020

FICTITIOUS BUSINESS NAME STATEMENT File No. 2019311675 The following person(s) is (are) doing business as: MAJESTIC MOTOR GROUP 11640 VENTURA BLVD, STUDIO CITY, CA 91604, MAJESTIC MOTORS 11640 VENTURA BLVD, STUDIO CITY, CA 91604, KLOCUD 11640 VENTURA BLVD, STUDIO CITY, CA 91604, ACES & SKYSCRAPERS 11640 VENTURA BLVD, STUDIO CITY, CA 91604, KELLY'S RENTALS 11640 VENTURA BLVD, STUDIO CITY, CA 91604, ELVIS DESIGN GROUP 11640 VENTURA BLVD, STUDIO CITY, CA 91604, KLOCUD 11640 VENTURA BLVD, STUDIO CITY, CA 91604, MAJESTIC INVESTMENT GROUP 11640 VENTURA BLVD, STUDIO CITY, CA 91604, MAJESTIC HOLDINGS 11640 VENTURA BLVD, STUDIO CITY, CA 91604, MAJESTIC INVESTMENTS 11640 VENTURA BLVD, STUDIO CITY, CA 91604, MAJESTIC REAL ESTATE 11640 VENTURA BLVD, STUDIO CITY, CA 91604, MAJESTIC MOTORS 11640 VENTURA BLVD, STUDIO CITY, CA 91604, MAJESTIC MUSIC GROUP 11640 VENTURA BLVD, STUDIO CITY, CA 91604, MAJESTIC PROPERTIES 11640 VENTURA BLVD, STUDIO CITY, CA 91604, MAJESTIC PROPERTY MANAGEMENT 11640 VENTURA BLVD, STUDIO CITY, CA 91604, MAJESTIC REALTY 11640 VENTURA BLVD, STUDIO CITY, CA 91604. Full name of registrant(s) is (are) MAJESTIC LLC 3400 COTTAGE WAY STE G2 #7518 SACRAMENTO, CA 95825. This Business is conducted by: LLC. Signed: MAJESTIC LLC. This statement was filed with the County Clerk of Los Angeles County on 12/04/2019. The registrant(s) has (have) commenced to transact business under the fictitious business name or names listed above on N/A. NOTICE- This Fictitious Name Statement expires five years from the date it was filed in the office of the County Clerk. A new Fictitious Business Name Statement must be filed prior to that date. Publish: ES Mountain Views News Dec28,2019andJan4,11,18,2020

FICTITIOUS BUSINESS NAME STATEMENT File No. 2019321692 The following person(s) is (are) doing business as: MAJESTIC STUDIO CITY 11640 VENTURA BLVD, STUDIO CITY, CA 91604, MAJESTIC BAKERY 11640 VENTURA BLVD, STUDIO CITY, CA 91604, RESTAURANT 11640 VENTURA BLVD, STUDIO CITY, CA 91604, CAFE EXPRESSO 11640 VENTURA BLVD, STUDIO CITY, CA 91604, EXPRESSO 11640 VENTURA BLVD, STUDIO CITY, CA 91604, CAFE 11640 VENTURA BLVD, STUDIO CITY, CA 91604, CHICKEN 11640 VENTURA BLVD, STUDIO CITY, CA 91604, CHICKEN MAJESTIC 11640 VENTURA BLVD, STUDIO CITY, CA 91604, CHICKEN SHACK 11640 VENTURA BLVD, STUDIO CITY, CA 91604, CHICKEN MAJESTIC 11640 VENTURA BLVD, STUDIO CITY, CA 91604, CHICKEN MAJESTIC 11640 VENTURA BLVD, STUDIO CITY, CA 91604, CHICKENTASTIC 11640 VENTURA BLVD, STUDIO CITY, CA 91604, KARAOKE BAR 11640 VENTURA BLVD, STUDIO CITY, CA 91604, KAYBEES 11640 VENTURA BLVD, STUDIO CITY, CA 91604, KB'S 11640 VENTURA BLVD, STUDIO CITY, CA 91604, NANDOS 11640 VENTURA BLVD, STUDIO CITY, CA 91604, PERI PERI 11640 VENTURA BLVD, STUDIO CITY, CA 91604, PERI MAJESTIC 11640 VENTURA BLVD, STUDIO CITY, CA 91604, ROASTERS 11640 VENTURA BLVD, STUDIO CITY, CA 91604, CAKE CRAFT 11640 VENTURA BLVD, STUDIO CITY, CA 91604, CAKE MAJESTIC 11640 VENTURA BLVD, STUDIO CITY, CA 91604, CHICKEN 11640 VENTURA BLVD, STUDIO CITY, CA 91604, BITE CHEF 11640 VENTURA BLVD, STUDIO CITY, CA 91604, FRESH 11640 VENTURA BLVD, STUDIO CITY, CA 91604, FRESH FOODS 11640 VENTURA BLVD, STUDIO CITY, CA 91604, THE KITCHEN 11640 VENTURA BLVD, STUDIO CITY, CA 91604, CHICKEN KITCHEN 11640 VENTURA BLVD, STUDIO CITY, CA 91604, ISSUE 11640 VENTURA BLVD, STUDIO CITY, CA 91604, DRINKS 11640 VENTURA BLVD, STUDIO CITY, CA 91604, DINO'S DINER 11640 VENTURA BLVD, STUDIO CITY, CA 91604, JUICE MAJESTIC 11640 VENTURA BLVD, STUDIO CITY, CA 91604, EIGHT BITES 11640 VENTURA BLVD, STUDIO CITY, CA 91604, MAJESTIC BEVERAGES 11640 VENTURA BLVD, STUDIO CITY, CA 91604, CLUCKALICIOUS 11640 VENTURA BLVD, STUDIO CITY, CA 91604, CLUCKAZAT 11640 VENTURA BLVD, STUDIO CITY, CA 91604, ARDONA GRILL 11640 VENTURA BLVD, STUDIO CITY, CA 91604, MAJESTIC DRINKS 11640 VENTURA BLVD, STUDIO CITY, CA 91604, MAJESTIC LABS 11640 VENTURA BLVD, STUDIO CITY, CA 91604, MAJESTIC LABS 11640 VENTURA BLVD, STUDIO CITY, CA 91604.

Mountain View News	80 W Sierra Madre Blvd., No. 327 Sierra Madre, Ca. 91024	Office: 626.355.2737 Fax: 626.609.3285 Email: editor@mtnviewsnews.com
Website: www.mtnviewsnews.com
